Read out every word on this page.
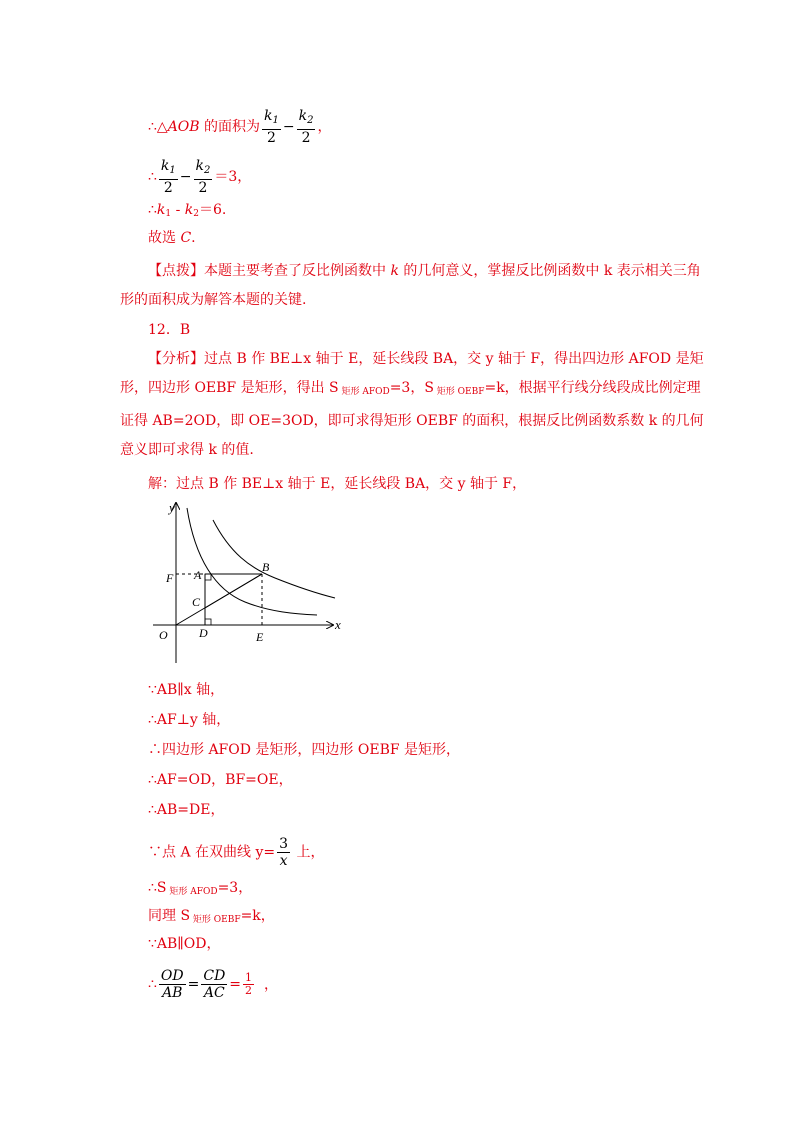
∴△AOB 的面积为 $\frac{k_1}{2} - \frac{k_2}{2}$ ，
∴ $\frac{k_1}{2} - \frac{k_2}{2} =3$，
$\therefore k_1 - k_2=6$.
故选 C.
【点拨】本题主要考查了反比例函数中 k 的几何意义，掌握反比例函数中 k 表示相关三角形的面积成为解答本题的关键.
12．B
【分析】过点 B 作 BE⊥x 轴于 E，延长线段 BA，交 y 轴于 F，得出四边形 AFOD 是矩形，四边形 OEBF 是矩形，得出 S $_{矩形 AFOD}$=3，S $_{矩形 OEBF}$=k，根据平行线分线段成比例定理证得 AB=2OD，即 OE=3OD，即可求得矩形 OEBF 的面积，根据反比例函数系数 k 的几何意义即可求得 k 的值.
解：过点 B 作 BE⊥x 轴于 E，延长线段 BA，交 y 轴于 F，
y
x
O
F A
B
C
D	E
∵AB∥x 轴，
∴AF⊥y 轴，
∴四边形 AFOD 是矩形，四边形 OEBF 是矩形，
∴AF=OD，BF=OE，
∴AB=DE，
∵点 A 在双曲线 $y= \frac{3}{x}$ 上，
∴S $_{矩形 AFOD}$=3，
同理 S $_{矩形 OEBF}$=k，
∵AB∥OD，
∴ $\frac{OD}{AB} = \frac{CD}{AC} = \frac{1}{2}$ ，
